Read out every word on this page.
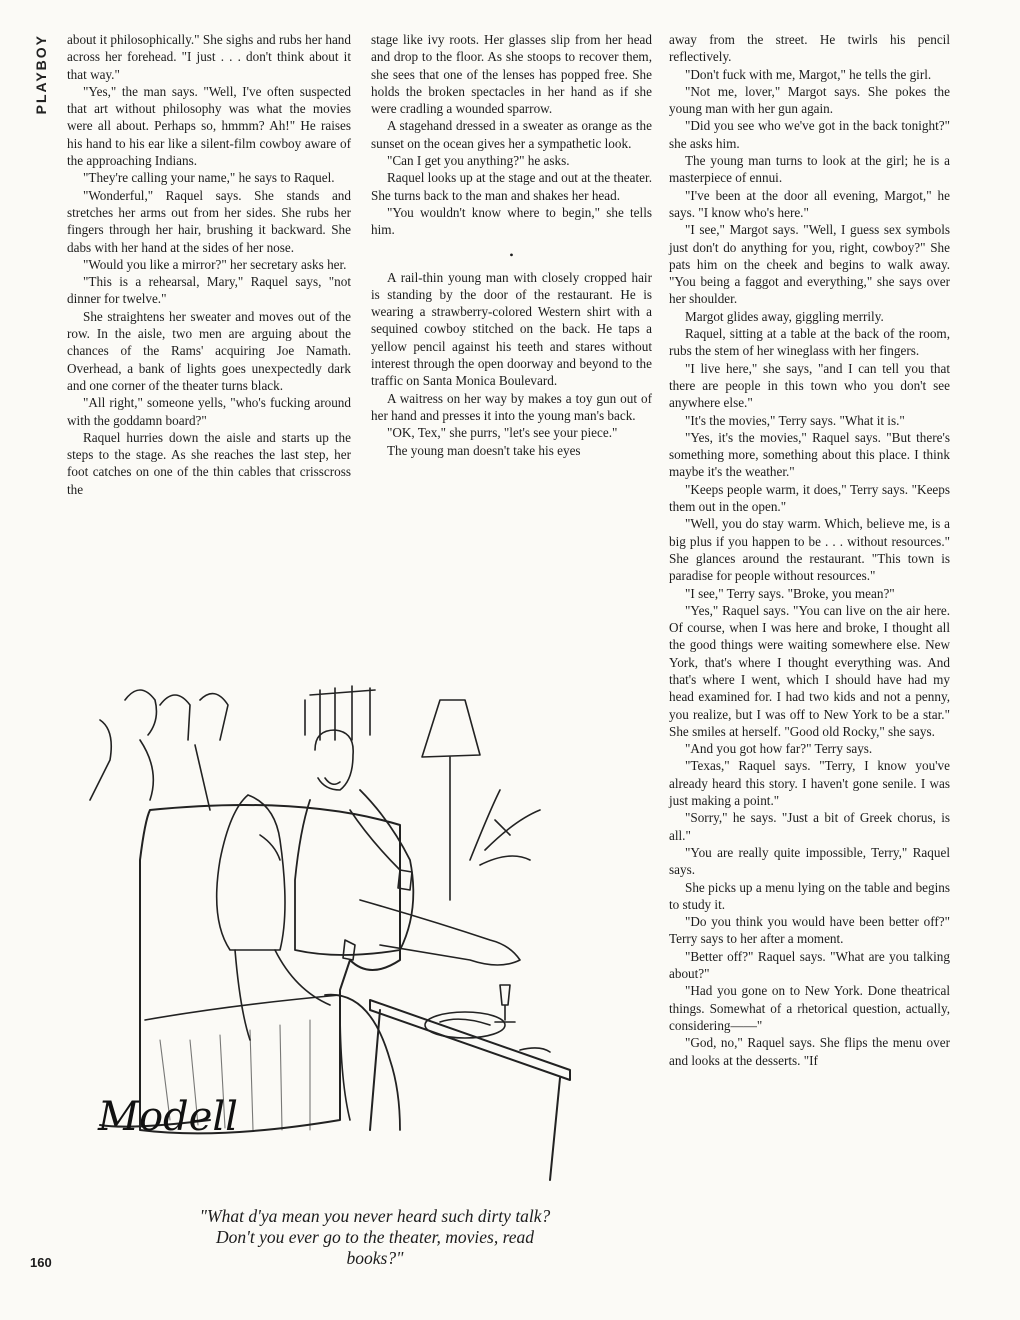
PLAYBOY about it philosophically." She sighs and rubs her hand across her forehead. "I just . . . don't think about it that way."

"Yes," the man says. "Well, I've often suspected that art without philosophy was what the movies were all about. Perhaps so, hmmm? Ah!" He raises his hand to his ear like a silent-film cowboy aware of the approaching Indians.

"They're calling your name," he says to Raquel.

"Wonderful," Raquel says. She stands and stretches her arms out from her sides. She rubs her fingers through her hair, brushing it backward. She dabs with her hand at the sides of her nose.

"Would you like a mirror?" her secretary asks her.

"This is a rehearsal, Mary," Raquel says, "not dinner for twelve."

She straightens her sweater and moves out of the row. In the aisle, two men are arguing about the chances of the Rams' acquiring Joe Namath. Overhead, a bank of lights goes unexpectedly dark and one corner of the theater turns black.

"All right," someone yells, "who's fucking around with the goddamn board?"

Raquel hurries down the aisle and starts up the steps to the stage. As she reaches the last step, her foot catches on one of the thin cables that crisscross the

stage like ivy roots. Her glasses slip from her head and drop to the floor. As she stoops to recover them, she sees that one of the lenses has popped free. She holds the broken spectacles in her hand as if she were cradling a wounded sparrow.

A stagehand dressed in a sweater as orange as the sunset on the ocean gives her a sympathetic look.

"Can I get you anything?" he asks.

Raquel looks up at the stage and out at the theater. She turns back to the man and shakes her head.

"You wouldn't know where to begin," she tells him.

•

A rail-thin young man with closely cropped hair is standing by the door of the restaurant. He is wearing a strawberry-colored Western shirt with a sequined cowboy stitched on the back. He taps a yellow pencil against his teeth and stares without interest through the open doorway and beyond to the traffic on Santa Monica Boulevard.

A waitress on her way by makes a toy gun out of her hand and presses it into the young man's back.

"OK, Tex," she purrs, "let's see your piece."

The young man doesn't take his eyes

away from the street. He twirls his pencil reflectively.

"Don't fuck with me, Margot," he tells the girl.

"Not me, lover," Margot says. She pokes the young man with her gun again.

"Did you see who we've got in the back tonight?" she asks him.

The young man turns to look at the girl; he is a masterpiece of ennui.

"I've been at the door all evening, Margot," he says. "I know who's here."

"I see," Margot says. "Well, I guess sex symbols just don't do anything for you, right, cowboy?" She pats him on the cheek and begins to walk away. "You being a faggot and everything," she says over her shoulder.

Margot glides away, giggling merrily.

Raquel, sitting at a table at the back of the room, rubs the stem of her wineglass with her fingers.

"I live here," she says, "and I can tell you that there are people in this town who you don't see anywhere else."

"It's the movies," Terry says. "What it is."

"Yes, it's the movies," Raquel says. "But there's something more, something about this place. I think maybe it's the weather."

"Keeps people warm, it does," Terry says. "Keeps them out in the open."

"Well, you do stay warm. Which, believe me, is a big plus if you happen to be . . . without resources." She glances around the restaurant. "This town is paradise for people without resources."

"I see," Terry says. "Broke, you mean?"

"Yes," Raquel says. "You can live on the air here. Of course, when I was here and broke, I thought all the good things were waiting somewhere else. New York, that's where I thought everything was. And that's where I went, which I should have had my head examined for. I had two kids and not a penny, you realize, but I was off to New York to be a star." She smiles at herself. "Good old Rocky," she says.

"And you got how far?" Terry says.

"Texas," Raquel says. "Terry, I know you've already heard this story. I haven't gone senile. I was just making a point."

"Sorry," he says. "Just a bit of Greek chorus, is all."

"You are really quite impossible, Terry," Raquel says.

She picks up a menu lying on the table and begins to study it.

"Do you think you would have been better off?" Terry says to her after a moment.

"Better off?" Raquel says. "What are you talking about?"

"Had you gone on to New York. Done theatrical things. Somewhat of a rhetorical question, actually, considering——"

"God, no," Raquel says. She flips the menu over and looks at the desserts. "If

Modell
"What d'ya mean you never heard such dirty talk? Don't you ever go to the theater, movies, read books?"
160
